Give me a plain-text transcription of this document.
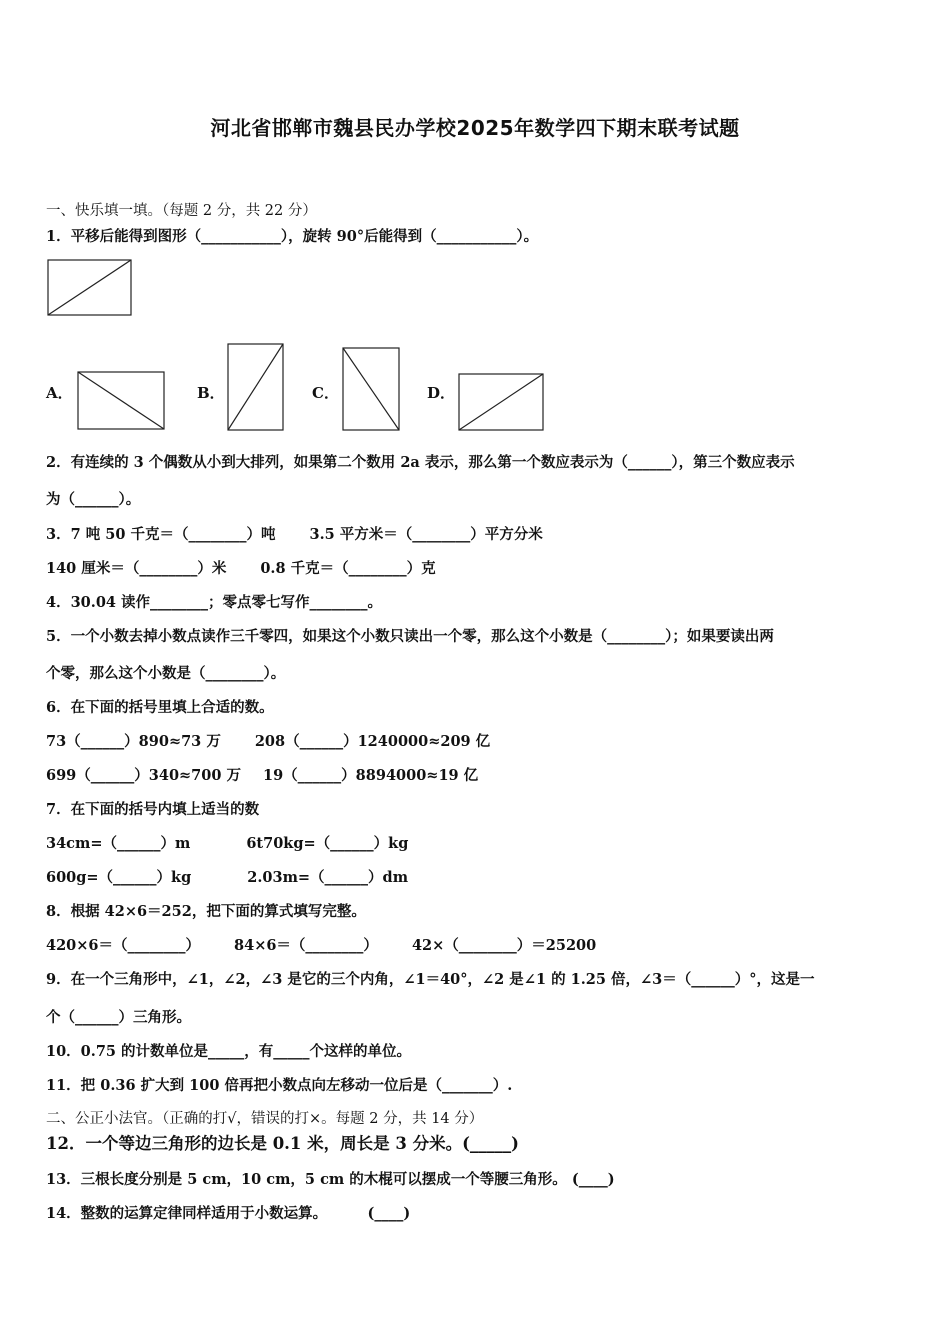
河北省邯郸市魏县民办学校2025年数学四下期末联考试题
一、快乐填一填。（每题 2 分，共 22 分）
1．平移后能得到图形（___________），旋转 90°后能得到（___________）。
A．	B．	C．	D．
2．有连续的 3 个偶数从小到大排列，如果第二个数用 2a 表示，那么第一个数应表示为（______），第三个数应表示
为（______）。
3．7 吨 50 千克＝（________）吨 3.5 平方米＝（________）平方分米
140 厘米＝（________）米 0.8 千克＝（________）克
4．30.04 读作________；零点零七写作________。
5．一个小数去掉小数点读作三千零四，如果这个小数只读出一个零，那么这个小数是（________）；如果要读出两
个零，那么这个小数是（________）。
6．在下面的括号里填上合适的数。
73（______）890≈73 万 208（______）1240000≈209 亿
699（______）340≈700 万 19（______）8894000≈19 亿
7．在下面的括号内填上适当的数
34cm=（______）m	6t70kg=（______）kg
600g=（______）kg	2.03m=（______）dm
8．根据 42×6＝252，把下面的算式填写完整。
420×6＝（________） 84×6＝（________） 42×（________）＝25200
9．在一个三角形中，∠1，∠2，∠3 是它的三个内角，∠1＝40°，∠2 是∠1 的 1.25 倍，∠3＝（______）°，这是一
个（______）三角形。
10．0.75 的计数单位是_____，有_____个这样的单位。
11．把 0.36 扩大到 100 倍再把小数点向左移动一位后是（_______）.
二、公正小法官。（正确的打√，错误的打×。每题 2 分，共 14 分）
12．一个等边三角形的边长是 0.1 米，周长是 3 分米。(_____)
13．三根长度分别是 5 cm，10 cm，5 cm 的木棍可以摆成一个等腰三角形。 (____)
14．整数的运算定律同样适用于小数运算。        (____)
